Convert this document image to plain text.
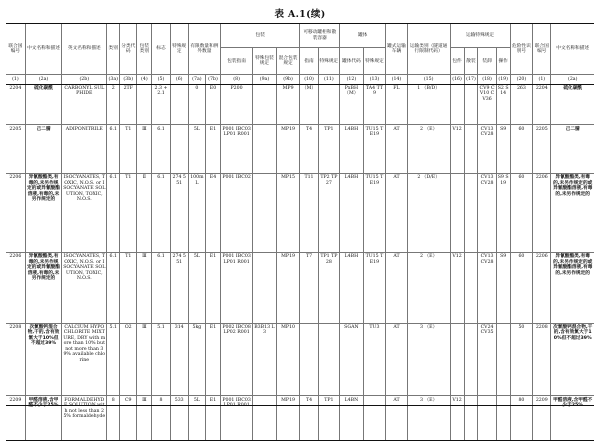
表 A.1(续)
联合国编号	中文名称和描述	英文名称和描述	类别	分类代码	包装类别	标志	特殊规定	有限数量和例外数量		包装			可移动罐柜和散装容器		罐体		罐式运输车辆	运输类别（隧道通行限制代码）	运输特殊规定				危险性识别号	联合国编号	中文名称和描述
										包装指南	特殊包装规定	混合包装规定	指南	特殊规定	罐体代码	特殊规定			包件	散装	装卸	操作			
(1)	(2a)	(2b)	(3a)	(3b)	(4)	(5)	(6)	(7a)	(7b)	(8)	(9a)	(9b)	(10)	(11)	(12)	(13)	(14)	(15)	(16)	(17)	(18)	(19)	(20)	(1)	(2a)
2204	硫化碳酰	CARBONYL SULPHIDE	2	2TF		2.3 +2.1		0	E0	P200		MP9	（M）		PxBH（M）	TA4 TT9	FL	1 （B/D）			CV9 CV10 CV36	S2 S14	263	2204	硫化碳酰
2205	己二腈	ADIPONITRILE	6.1	T1	Ⅲ	6.1		5L	E1	P001 IBC03 LP01 R001		MP19	T4	TP1	L4BH	TU15 TE19	AT	2 （E）	V12		CV13 CV28	S9	60	2205	己二腈
2206	异氰酸酯类,有毒的,未另作规定的或异氰酸酯溶液,有毒的,未另作规定的	ISOCYANATES, TOXIC, N.O.S. or ISOCYANATE SOLUTION, TOXIC, N.O.S.	6.1	T1	Ⅱ	6.1	274 551	100mL	E4	P001 IBC02		MP15	T11	TP2 TP27	L4BH	TU15 TE19	AT	2 （D/E）			CV13 CV28	S9 S19	60	2206	异氰酸酯类,有毒的,未另作规定的或异氰酸酯溶液,有毒的,未另作规定的
2206	异氰酸酯类,有毒的,未另作规定的或异氰酸酯溶液,有毒的,未另作规定的	ISOCYANATES, TOXIC, N.O.S. or ISOCYANATE SOLUTION, TOXIC, N.O.S.	6.1	T1	Ⅲ	6.1	274 551	5L	E1	P001 IBC03 LP01 R001		MP19	T7	TP1 TP28	L4BH	TU15 TE19	AT	2 （E）	V12		CV13 CV28	S9	60	2206	异氰酸酯类,有毒的,未另作规定的或异氰酸酯溶液,有毒的,未另作规定的
2208	次氯酸钙混合物,干的,含有效氯大于10%但不超过39%	CALCIUM HYPOCHLORITE MIXTURE, DRY with more than 10% but not more than 39% available chlorine	5.1	O2	Ⅲ	5.1	314	5kg	E1	P002 IBC08 LP02 R001	B3B13 L3	MP10			SGAN	TU3	AT	3 （E）			CV24 CV35		50	2208	次氯酸钙混合物,干的,含有效氯大于10%但不超过39%
2209	甲醛溶液,含甲醛不少于25%	FORMALDEHYDE SOLUTION with not less than 25% formaldehyde	8	C9	Ⅲ	8	533	5L	E1	P001 IBC03 LP01 R001		MP19	T4	TP1	L4BN		AT	3 （E）	V12				80	2209	甲醛溶液,含甲醛不少于25%
